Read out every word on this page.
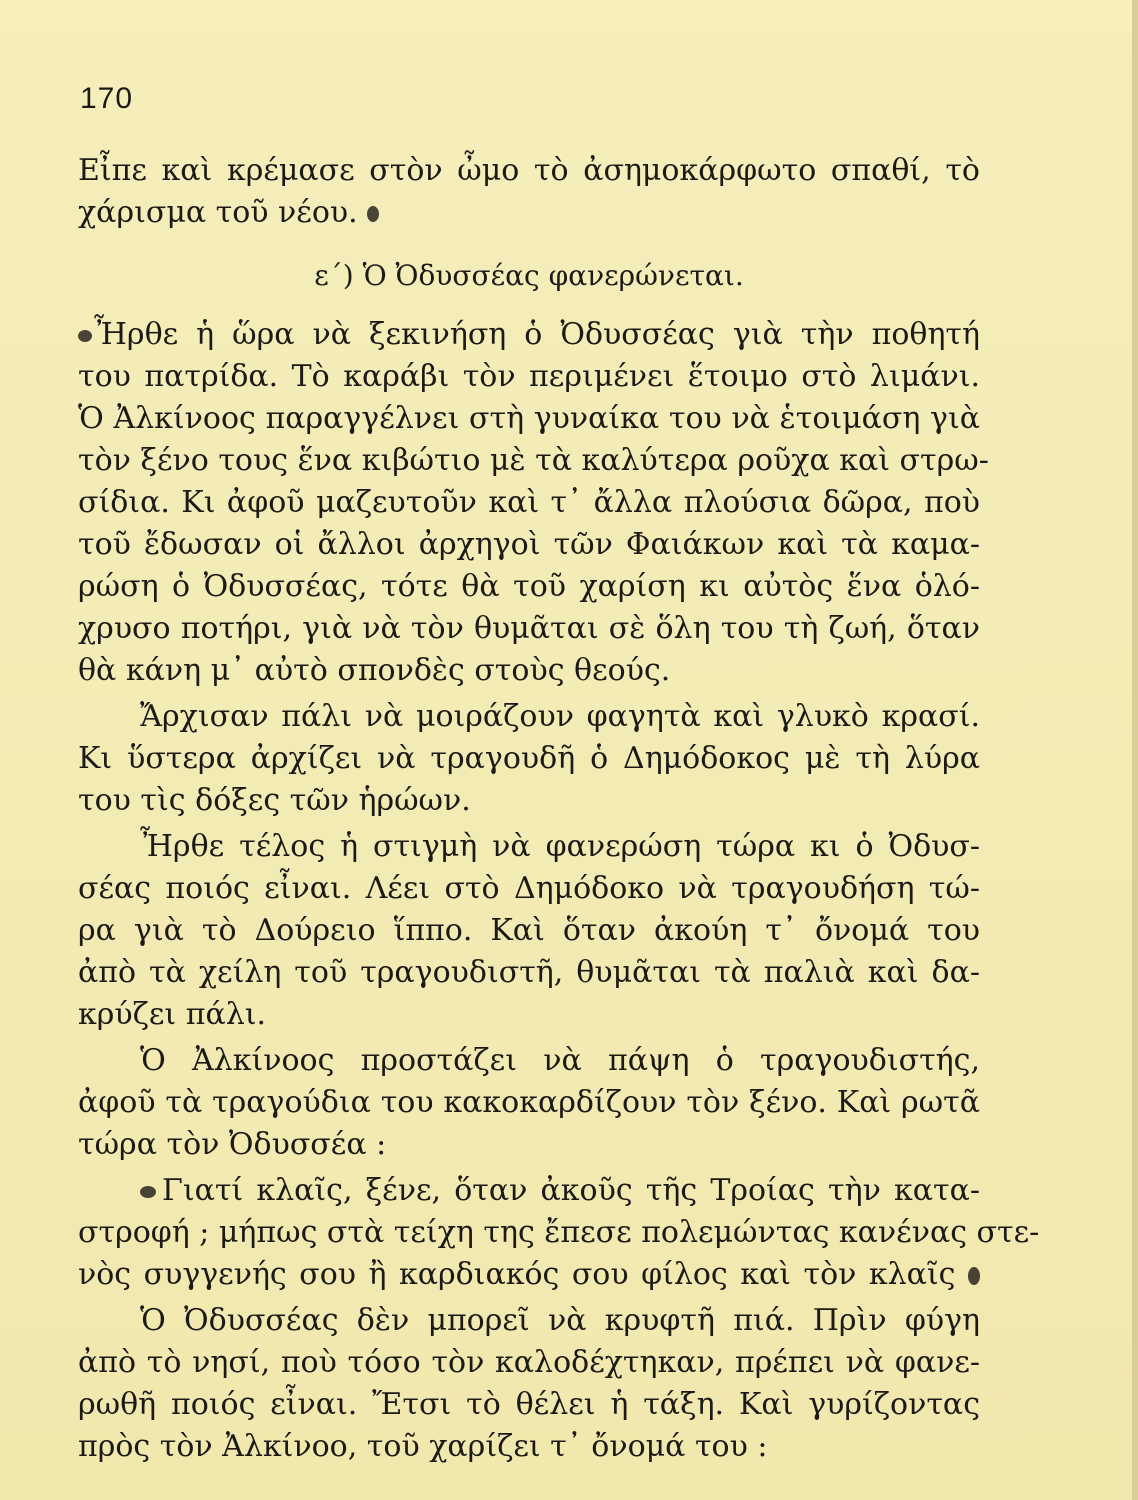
170
Εἶπε καὶ κρέμασε στὸν ὦμο τὸ ἀσημοκάρφωτο σπαθί, τὸ
χάρισμα τοῦ νέου.
ε΄) Ὁ Ὀδυσσέας φανερώνεται.
Ἦρθε ἡ ὥρα νὰ ξεκινήση ὁ Ὀδυσσέας γιὰ τὴν ποθητή
του πατρίδα. Τὸ καράβι τὸν περιμένει ἕτοιμο στὸ λιμάνι.
Ὁ Ἀλκίνοος παραγγέλνει στὴ γυναίκα του νὰ ἑτοιμάση γιὰ
τὸν ξένο τους ἕνα κιβώτιο μὲ τὰ καλύτερα ροῦχα καὶ στρω-
σίδια. Κι ἀφοῦ μαζευτοῦν καὶ τ᾿ ἄλλα πλούσια δῶρα, ποὺ
τοῦ ἔδωσαν οἱ ἄλλοι ἀρχηγοὶ τῶν Φαιάκων καὶ τὰ καμα-
ρώση ὁ Ὀδυσσέας, τότε θὰ τοῦ χαρίση κι αὐτὸς ἕνα ὁλό-
χρυσο ποτήρι, γιὰ νὰ τὸν θυμᾶται σὲ ὅλη του τὴ ζωή, ὅταν
θὰ κάνη μ᾿ αὐτὸ σπονδὲς στοὺς θεούς.
Ἄρχισαν πάλι νὰ μοιράζουν φαγητὰ καὶ γλυκὸ κρασί.
Κι ὕστερα ἀρχίζει νὰ τραγουδῆ ὁ Δημόδοκος μὲ τὴ λύρα
του τὶς δόξες τῶν ἡρώων.
Ἦρθε τέλος ἡ στιγμὴ νὰ φανερώση τώρα κι ὁ Ὀδυσ-
σέας ποιός εἶναι. Λέει στὸ Δημόδοκο νὰ τραγουδήση τώ-
ρα γιὰ τὸ Δούρειο ἵππο. Καὶ ὅταν ἀκούη τ᾿ ὄνομά του
ἀπὸ τὰ χείλη τοῦ τραγουδιστῆ, θυμᾶται τὰ παλιὰ καὶ δα-
κρύζει πάλι.
Ὁ Ἀλκίνοος προστάζει νὰ πάψη ὁ τραγουδιστής,
ἀφοῦ τὰ τραγούδια του κακοκαρδίζουν τὸν ξένο. Καὶ ρωτᾶ
τώρα τὸν Ὀδυσσέα :
Γιατί κλαῖς, ξένε, ὅταν ἀκοῦς τῆς Τροίας τὴν κατα-
στροφή ; μήπως στὰ τείχη της ἔπεσε πολεμώντας κανένας στε-
νὸς συγγενής σου ἢ καρδιακός σου φίλος καὶ τὸν κλαῖς
Ὁ Ὀδυσσέας δὲν μπορεῖ νὰ κρυφτῆ πιά. Πρὶν φύγη
ἀπὸ τὸ νησί, ποὺ τόσο τὸν καλοδέχτηκαν, πρέπει νὰ φανε-
ρωθῆ ποιός εἶναι. Ἔτσι τὸ θέλει ἡ τάξη. Καὶ γυρίζοντας
πρὸς τὸν Ἀλκίνοο, τοῦ χαρίζει τ᾿ ὄνομά του :
